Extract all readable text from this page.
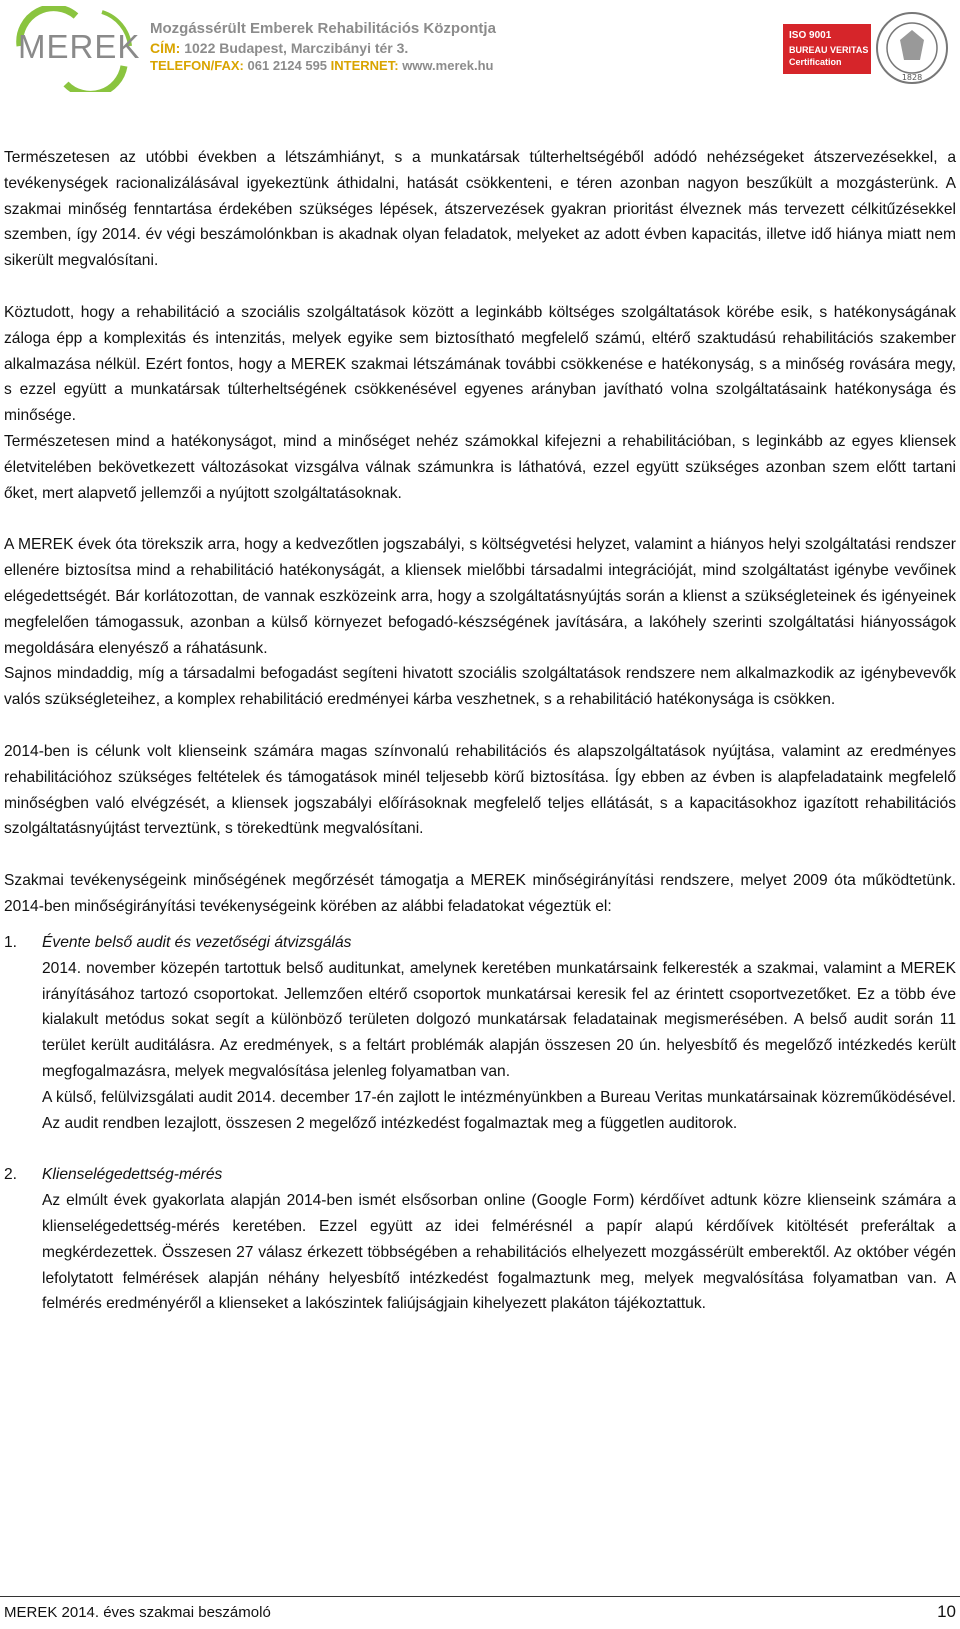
MEREK Mozgássérült Emberek Rehabilitációs Központja
CÍM: 1022 Budapest, Marczibányi tér 3.
TELEFON/FAX: 061 2124 595 INTERNET: www.merek.hu
ISO 9001
BUREAU VERITAS
Certification
1828

Természetesen az utóbbi években a létszámhiányt, s a munkatársak túlterheltségéből adódó nehézségeket átszervezésekkel, a tevékenységek racionalizálásával igyekeztünk áthidalni, hatását csökkenteni, e téren azonban nagyon beszűkült a mozgásterünk. A szakmai minőség fenntartása érdekében szükséges lépések, átszervezések gyakran prioritást élveznek más tervezett célkitűzésekkel szemben, így 2014. év végi beszámolónkban is akadnak olyan feladatok, melyeket az adott évben kapacitás, illetve idő hiánya miatt nem sikerült megvalósítani.

Köztudott, hogy a rehabilitáció a szociális szolgáltatások között a leginkább költséges szolgáltatások körébe esik, s hatékonyságának záloga épp a komplexitás és intenzitás, melyek egyike sem biztosítható megfelelő számú, eltérő szaktudású rehabilitációs szakember alkalmazása nélkül. Ezért fontos, hogy a MEREK szakmai létszámának további csökkenése e hatékonyság, s a minőség rovására megy, s ezzel együtt a munkatársak túlterheltségének csökkenésével egyenes arányban javítható volna szolgáltatásaink hatékonysága és minősége.

Természetesen mind a hatékonyságot, mind a minőséget nehéz számokkal kifejezni a rehabilitációban, s leginkább az egyes kliensek életvitelében bekövetkezett változásokat vizsgálva válnak számunkra is láthatóvá, ezzel együtt szükséges azonban szem előtt tartani őket, mert alapvető jellemzői a nyújtott szolgáltatásoknak.

A MEREK évek óta törekszik arra, hogy a kedvezőtlen jogszabályi, s költségvetési helyzet, valamint a hiányos helyi szolgáltatási rendszer ellenére biztosítsa mind a rehabilitáció hatékonyságát, a kliensek mielőbbi társadalmi integrációját, mind szolgáltatást igénybe vevőinek elégedettségét. Bár korlátozottan, de vannak eszközeink arra, hogy a szolgáltatásnyújtás során a klienst a szükségleteinek és igényeinek megfelelően támogassuk, azonban a külső környezet befogadó-készségének javítására, a lakóhely szerinti szolgáltatási hiányosságok megoldására elenyésző a ráhatásunk.

Sajnos mindaddig, míg a társadalmi befogadást segíteni hivatott szociális szolgáltatások rendszere nem alkalmazkodik az igénybevevők valós szükségleteihez, a komplex rehabilitáció eredményei kárba veszhetnek, s a rehabilitáció hatékonysága is csökken.

2014-ben is célunk volt klienseink számára magas színvonalú rehabilitációs és alapszolgáltatások nyújtása, valamint az eredményes rehabilitációhoz szükséges feltételek és támogatások minél teljesebb körű biztosítása. Így ebben az évben is alapfeladataink megfelelő minőségben való elvégzését, a kliensek jogszabályi előírásoknak megfelelő teljes ellátását, s a kapacitásokhoz igazított rehabilitációs szolgáltatásnyújtást terveztünk, s törekedtünk megvalósítani.

Szakmai tevékenységeink minőségének megőrzését támogatja a MEREK minőségirányítási rendszere, melyet 2009 óta működtetünk. 2014-ben minőségirányítási tevékenységeink körében az alábbi feladatokat végeztük el:

1. Évente belső audit és vezetőségi átvizsgálás

2014. november közepén tartottuk belső auditunkat, amelynek keretében munkatársaink felkeresték a szakmai, valamint a MEREK irányításához tartozó csoportokat. Jellemzően eltérő csoportok munkatársai keresik fel az érintett csoportvezetőket. Ez a több éve kialakult metódus sokat segít a különböző területen dolgozó munkatársak feladatainak megismerésében. A belső audit során 11 terület került auditálásra. Az eredmények, s a feltárt problémák alapján összesen 20 ún. helyesbítő és megelőző intézkedés került megfogalmazásra, melyek megvalósítása jelenleg folyamatban van.

A külső, felülvizsgálati audit 2014. december 17-én zajlott le intézményünkben a Bureau Veritas munkatársainak közreműködésével. Az audit rendben lezajlott, összesen 2 megelőző intézkedést fogalmaztak meg a független auditorok.

2. Klienselégedettség-mérés

Az elmúlt évek gyakorlata alapján 2014-ben ismét elsősorban online (Google Form) kérdőívet adtunk közre klienseink számára a klienselégedettség-mérés keretében. Ezzel együtt az idei felmérésnél a papír alapú kérdőívek kitöltését preferáltak a megkérdezettek. Összesen 27 válasz érkezett többségében a rehabilitációs elhelyezett mozgássérült emberektől. Az október végén lefolytatott felmérések alapján néhány helyesbítő intézkedést fogalmaztunk meg, melyek megvalósítása folyamatban van. A felmérés eredményéről a klienseket a lakószintek faliújságjain kihelyezett plakáton tájékoztattuk.

MEREK 2014. éves szakmai beszámoló	10
